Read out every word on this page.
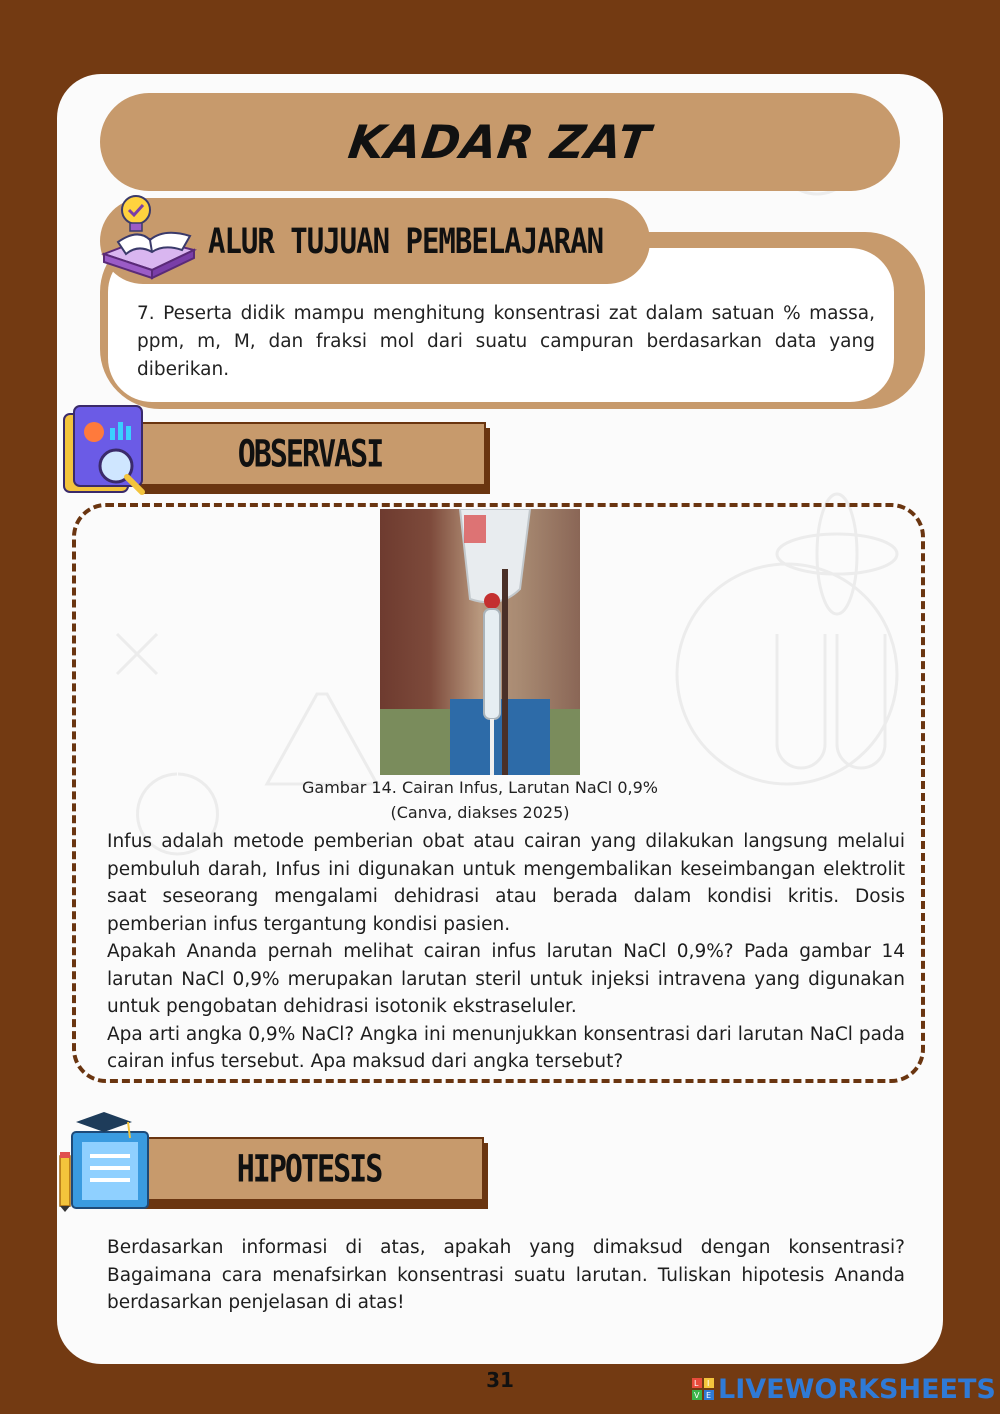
KADAR ZAT
ALUR TUJUAN PEMBELAJARAN
7. Peserta didik mampu menghitung konsentrasi zat dalam satuan % massa, ppm, m, M, dan fraksi mol dari suatu campuran berdasarkan data yang diberikan.
OBSERVASI
Gambar 14. Cairan Infus, Larutan NaCl 0,9%
(Canva, diakses 2025)

Infus adalah metode pemberian obat atau cairan yang dilakukan langsung melalui pembuluh darah, Infus ini digunakan untuk mengembalikan keseimbangan elektrolit saat seseorang mengalami dehidrasi atau berada dalam kondisi kritis. Dosis pemberian infus tergantung kondisi pasien.

Apakah Ananda pernah melihat cairan infus larutan NaCl 0,9%? Pada gambar 14 larutan NaCl 0,9% merupakan larutan steril untuk injeksi intravena yang digunakan untuk pengobatan dehidrasi isotonik ekstraseluler.

Apa arti angka 0,9% NaCl? Angka ini menunjukkan konsentrasi dari larutan NaCl pada cairan infus tersebut. Apa maksud dari angka tersebut?

HIPOTESIS
Berdasarkan informasi di atas, apakah yang dimaksud dengan konsentrasi? Bagaimana cara menafsirkan konsentrasi suatu larutan. Tuliskan hipotesis Ananda berdasarkan penjelasan di atas!
31	L I
V E LIVEWORKSHEETS
